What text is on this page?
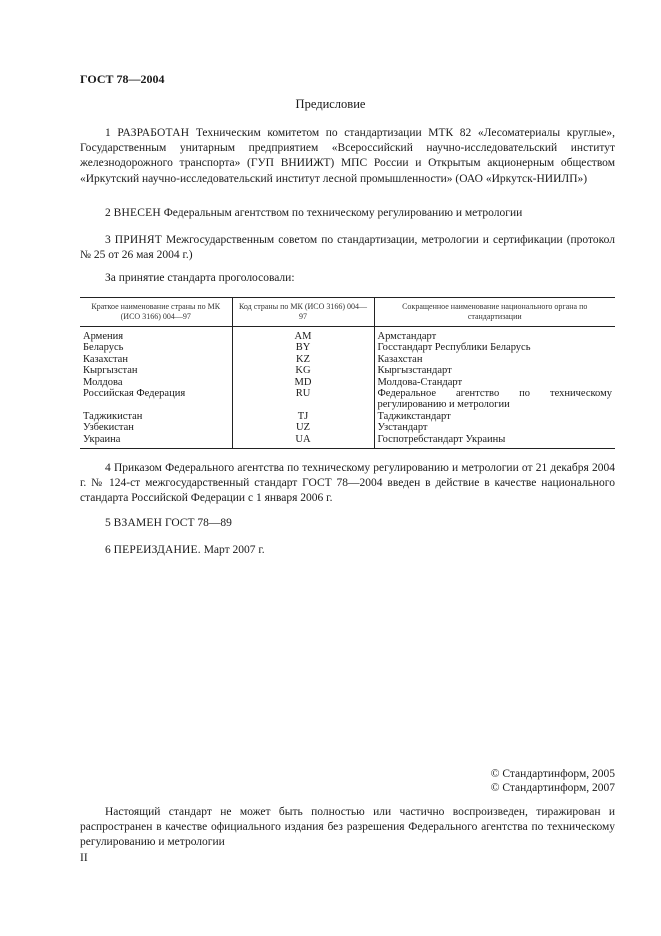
ГОСТ 78—2004
Предисловие
1 РАЗРАБОТАН Техническим комитетом по стандартизации МТК 82 «Лесоматериалы круглые», Государственным унитарным предприятием «Всероссийский научно-исследовательский институт железнодорожного транспорта» (ГУП ВНИИЖТ) МПС России и Открытым акционерным обществом «Иркутский научно-исследовательский институт лесной промышленности» (ОАО «Иркутск-НИИЛП»)
2 ВНЕСЕН Федеральным агентством по техническому регулированию и метрологии
3 ПРИНЯТ Межгосударственным советом по стандартизации, метрологии и сертификации (протокол № 25 от 26 мая 2004 г.)
За принятие стандарта проголосовали:
Краткое наименование страны по МК (ИСО 3166) 004—97	Код страны по МК (ИСО 3166) 004—97	Сокращенное наименование национального органа по стандартизации
Армения	AM	Армстандарт
Беларусь	BY	Госстандарт Республики Беларусь
Казахстан	KZ	Казахстан
Кыргызстан	KG	Кыргызстандарт
Молдова	MD	Молдова-Стандарт
Российская Федерация	RU	Федеральное агентство по техническому регулированию и метрологии
Таджикистан	TJ	Таджикстандарт
Узбекистан	UZ	Узстандарт
Украина	UA	Госпотребстандарт Украины
4 Приказом Федерального агентства по техническому регулированию и метрологии от 21 декабря 2004 г. № 124-ст межгосударственный стандарт ГОСТ 78—2004 введен в действие в качестве национального стандарта Российской Федерации с 1 января 2006 г.
5 ВЗАМЕН ГОСТ 78—89
6 ПЕРЕИЗДАНИЕ. Март 2007 г.
© Стандартинформ, 2005
© Стандартинформ, 2007
Настоящий стандарт не может быть полностью или частично воспроизведен, тиражирован и распространен в качестве официального издания без разрешения Федерального агентства по техническому регулированию и метрологии
II
